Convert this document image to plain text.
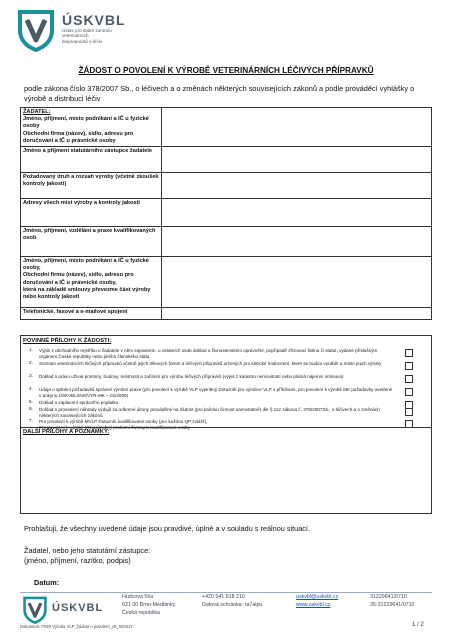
ÚSKVBL
Ústav pro státní kontrolu
veterinárních
biopreparátů a léčiv
ŽÁDOST O POVOLENÍ K VÝROBĚ VETERINÁRNÍCH LÉČIVÝCH PŘÍPRAVKŮ
podle zákona číslo 378/2007 Sb., o léčivech a o změnách některých souvisejících zákonů a podle prováděcí vyhlášky o výrobě a distribuci léčiv
ŽADATEL:
Jméno, příjmení, místo podnikání a IČ u fyzické osoby
Obchodní firma (název), sídlo, adresu pro doručování a IČ u právnické osoby	

Jméno a příjmení statutárního zástupce žadatele	
Požadovaný druh a rozsah výroby (včetně zkoušek kontroly jakosti)	
Adresy všech míst výroby a kontroly jakosti	
Jméno, příjmení, vzdělání a praxe kvalifikovaných osob	
Jméno, příjmení, místo podnikání a IČ u fyzické osoby,
Obchodní firmu (název), sídlo, adresu pro doručování a IČ u právnické osoby,
která na základě smlouvy převezme část výroby nebo kontroly jakosti	
Telefonické, faxové a e-mailové spojení	
POVINNÉ PŘÍLOHY K ŽÁDOSTI:
1. Výpis z obchodního rejstříku u žadatele v něm zapsaném, u ostatních osob doklad o živnostenském oprávnění, popřípadě zřizovací listina či statut, vydané příslušným orgánem České republiky nebo jiného členského státu
2. Seznam veterinárních léčivých přípravků včetně jejich lékových forem a léčivých přípravků určených pro klinické hodnocení, které se budou vyrábět a místo jejich výroby
3. Doklad o právu užívat prostory, budovy, místnosti a zařízení pro výrobu léčivých přípravků (výpis z katastru nemovitostí nebo platná nájemní smlouva)
4. Údaje o splnění požadavků správné výrobní praxe (pro povolení k výrobě VLP vyplněný Dotazník pro výrobce VLP s přílohami, pro povolení k výrobě MK požadavky uvedené v pokynu ÚSKVBL/INS/VYR-MK – 02/2009)
5. Doklad o zaplacení správního poplatku
6. Doklad o provedení náhrady výdajů za odborné úkony prováděné na žádost (pro každou činnost samostatně) dle § 112 zákona č. 378/2007Sb., o léčivech a o změnách některých souvisejících zákonů
7. Pro povolení k výrobě MVLP Dotazník kvalifikované osoby (pro každou QP zvlášť),
Pro povolení k výrobě MK podrobný profesní životopis kvalifikované osoby
DALŠÍ PŘÍLOHY A POZNÁMKY:
Prohlašuji, že všechny uvedené údaje jsou pravdivé, úplné a v souladu s reálnou situací.
Žadatel, nebo jeho statutární zástupce:
(jméno, příjmení, razítko, podpis)
Datum:
ÚSKVBL
Hudcova 56a
621 00 Brno-Medlánky
Česká republika
+420 541 518 210
Datová schránka: ra7aipu
uskvbl@uskvbl.cz
www.uskvbl.cz
31229641/0710
35-31229641/0710
Dokument: F020 Výroba VLP_žádost o povolení_v5_020317	1 / 2
